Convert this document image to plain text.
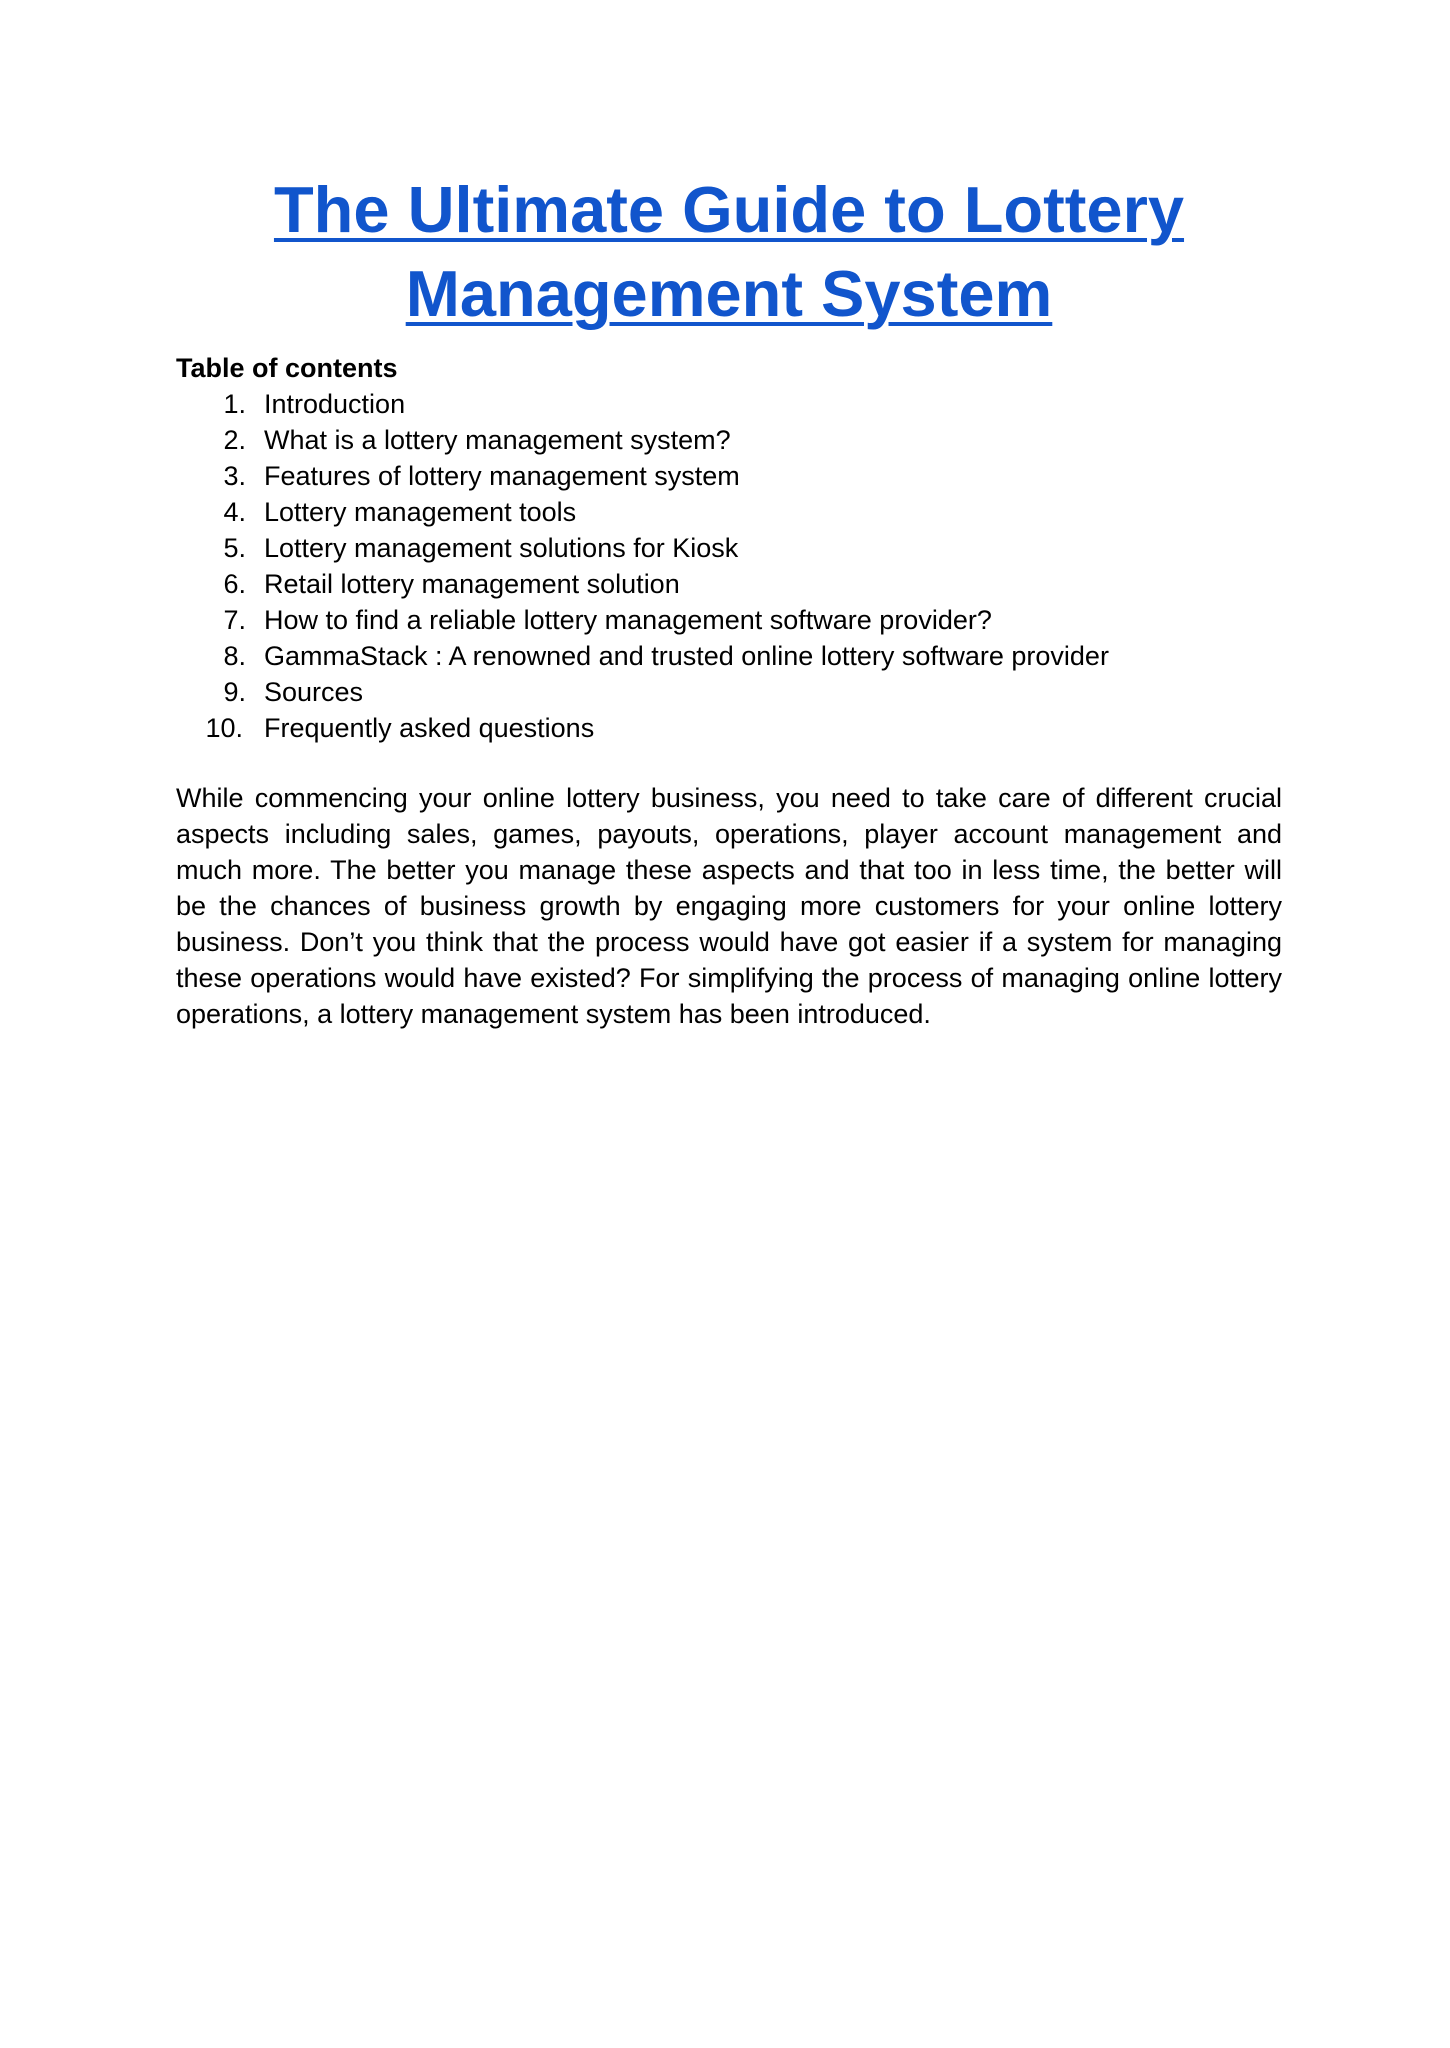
The Ultimate Guide to Lottery
Management System
Table of contents
1. Introduction
2. What is a lottery management system?
3. Features of lottery management system
4. Lottery management tools
5. Lottery management solutions for Kiosk
6. Retail lottery management solution
7. How to find a reliable lottery management software provider?
8. GammaStack : A renowned and trusted online lottery software provider
9. Sources
10. Frequently asked questions

While commencing your online lottery business, you need to take care of different crucial aspects including sales, games, payouts, operations, player account management and much more. The better you manage these aspects and that too in less time, the better will be the chances of business growth by engaging more customers for your online lottery business. Don’t you think that the process would have got easier if a system for managing these operations would have existed? For simplifying the process of managing online lottery operations, a lottery management system has been introduced.
